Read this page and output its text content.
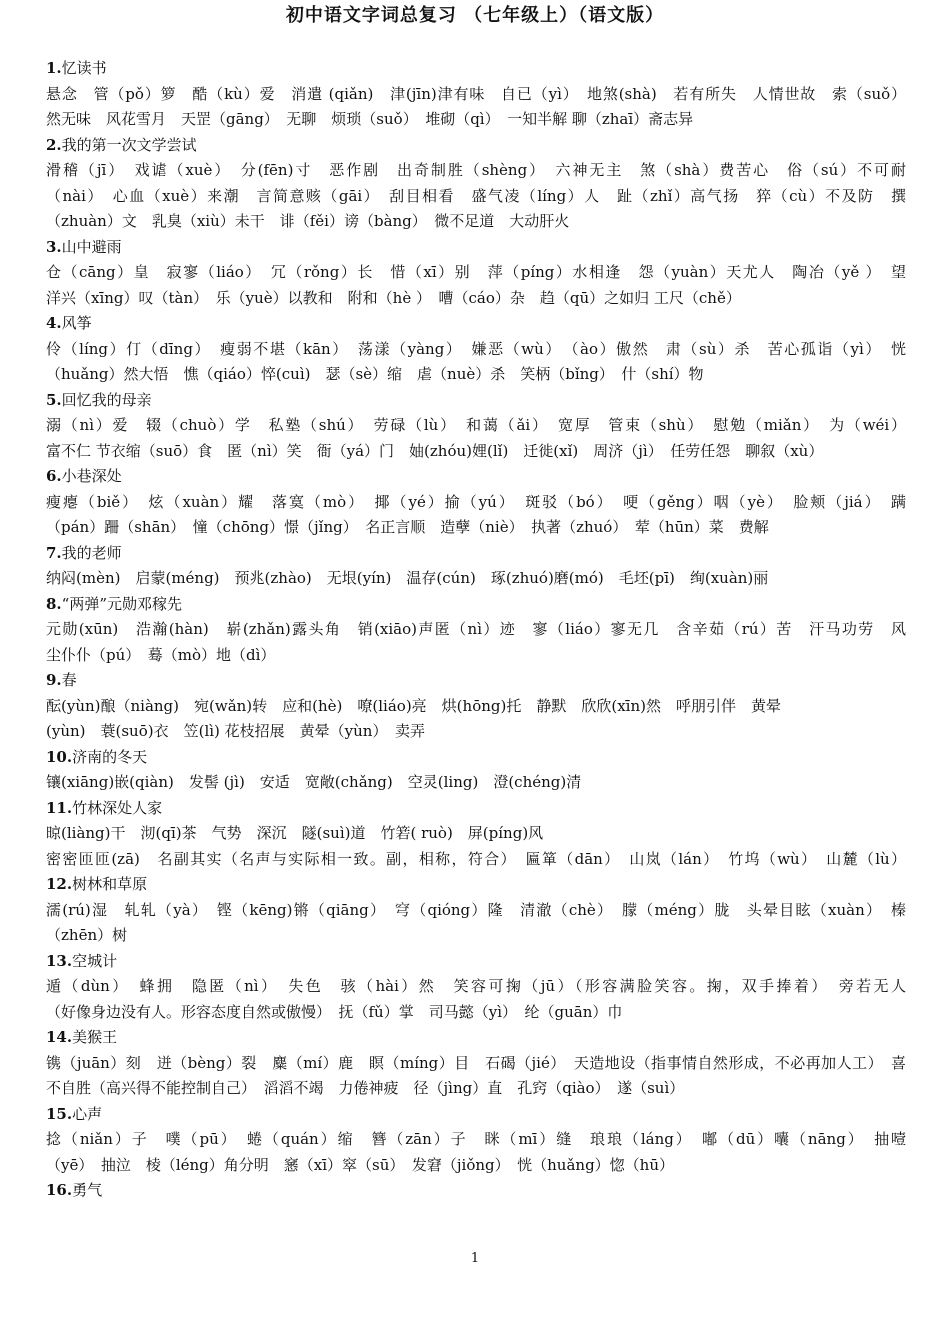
初中语文字词总复习 （七年级上）（语文版）
1.忆读书
悬念　管（pǒ）箩　酷（kù）爱　消遣 (qiǎn)　津(jīn)津有味　自已（yì）　地煞(shà)　若有所失　人情世故　索（suǒ）
然无味　风花雪月　天罡（gāng）　无聊　烦琐（suǒ）　堆砌（qì）　一知半解 聊（zhaī）斋志异
2.我的第一次文学尝试
滑稽（jī）　戏谑（xuè）　分(fēn)寸　恶作剧　出奇制胜（shèng）　六神无主　煞（shà）费苦心　俗（sú）不可耐
（nài）　心血（xuè）来潮　言简意赅（gāi）　刮目相看　盛气凌（líng）人　趾（zhǐ）高气扬　猝（cù）不及防　撰
（zhuàn）文　乳臭（xiù）未干　诽（fěi）谤（bàng）　微不足道　大动肝火
3.山中避雨
仓（cāng）皇　寂寥（liáo）　冗（rǒng）长　惜（xī）别　萍（píng）水相逢　怨（yuàn）天尤人　陶冶（yě ）　望
洋兴（xīng）叹（tàn）　乐（yuè）以教和　附和（hè ）　嘈（cáo）杂　趋（qū）之如归 工尺（chě）
4.风筝
伶（líng）仃（dīng）　瘦弱不堪（kān）　荡漾（yàng）　嫌恶（wù）　（ào）傲然　肃（sù）杀　苦心孤诣（yì）　恍
（huǎng）然大悟　憔（qiáo）悴(cuì)　瑟（sè）缩　虐（nuè）杀　笑柄（bǐng）　什（shí）物
5.回忆我的母亲
溺（nì）爱　辍（chuò）学　私塾（shú）　劳碌（lù）　和蔼（ǎi）　宽厚　管束（shù）　慰勉（miǎn）　为（wéi）
富不仁 节衣缩（suō）食　匿（nì）笑　衙（yá）门　妯(zhóu)娌(lǐ)　迁徙(xǐ)　周济（jì）　任劳任怨　聊叙（xù）
6.小巷深处
瘦瘪（biě）　炫（xuàn）耀　落寞（mò）　揶（yé）揄（yú）　斑驳（bó）　哽（gěng）咽（yè）　脸颊（jiá）　蹒
（pán）跚（shān）　憧（chōng）憬（jǐng）　名正言顺　造孽（niè）　执著（zhuó）　荤（hūn）菜　费解
7.我的老师
纳闷(mèn)　启蒙(méng)　预兆(zhào)　无垠(yín)　温存(cún)　琢(zhuó)磨(mó)　毛坯(pī)　绚(xuàn)丽
8.“两弹”元勋邓稼先
元勋(xūn)　浩瀚(hàn)　崭(zhǎn)露头角　销(xiāo)声匿（nì）迹　寥（liáo）寥无几　含辛茹（rú）苦　汗马功劳　风
尘仆仆（pú）　蓦（mò）地（dì）
9.春
酝(yùn)酿（niàng)　宛(wǎn)转　应和(hè)　嘹(liáo)亮　烘(hōng)托　静默　欣欣(xīn)然　呼朋引伴　黄晕
(yùn)　蓑(suō)衣　笠(lì) 花枝招展　黄晕（yùn）　卖弄
10.济南的冬天
镶(xiāng)嵌(qiàn)　发髻 (jì)　安适　宽敞(chǎng)　空灵(ling)　澄(chéng)清
11.竹林深处人家
晾(liàng)干　沏(qī)茶　气势　深沉　隧(suì)道　竹箬( ruò)　屏(píng)风
密密匝匝(zā)　名副其实（名声与实际相一致。副，相称，符合）　匾箪（dān）　山岚（lán）　竹坞（wù）　山麓（lù）
12.树林和草原
濡(rú)湿　轧轧（yà）　铿（kēng)锵（qiāng）　穹（qióng）隆　清澈（chè）　朦（méng）胧　头晕目眩（xuàn）　榛
（zhēn）树
13.空城计
遁（dùn）　蜂拥　隐匿（nì）　失色　骇（hài）然　笑容可掬（jū）（形容满脸笑容。掬，双手捧着）　旁若无人
（好像身边没有人。形容态度自然或傲慢）　抚（fǔ）掌　司马懿（yì）　纶（guān）巾
14.美猴王
镌（juān）刻　迸（bèng）裂　麋（mí）鹿　瞑（míng）目　石碣（jié）　天造地设（指事情自然形成，不必再加人工）　喜
不自胜（高兴得不能控制自己）　滔滔不竭　力倦神疲　径（jìng）直　孔窍（qiào）　遂（suì）
15.心声
捻（niǎn）子　噗（pū）　蜷（quán）缩　簪（zān）子　眯（mī）缝　琅琅（láng）　嘟（dū）囔（nāng）　抽噎
（yē）　抽泣　棱（léng）角分明　窸（xī）窣（sū）　发窘（jiǒng）　恍（huǎng）惚（hū）
16.勇气
1
